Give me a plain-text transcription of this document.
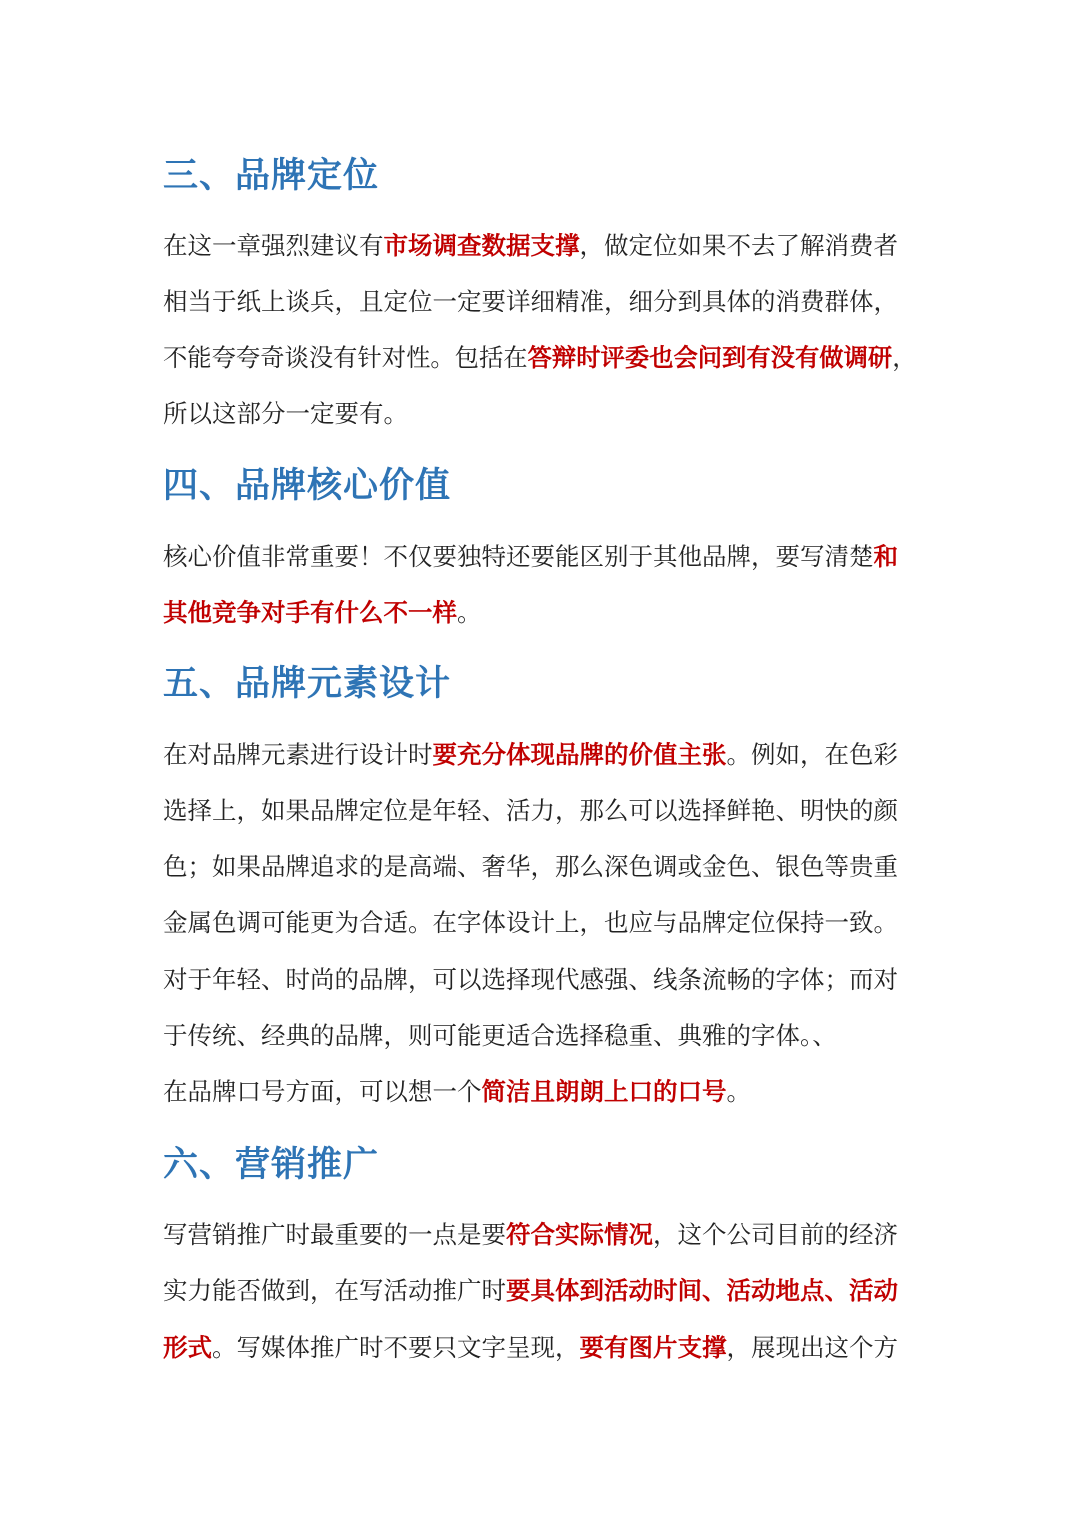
三、品牌定位

在这一章强烈建议有市场调查数据支撑，做定位如果不去了解消费者

相当于纸上谈兵，且定位一定要详细精准，细分到具体的消费群体，

不能夸夸奇谈没有针对性。包括在答辩时评委也会问到有没有做调研，

所以这部分一定要有。

四、品牌核心价值

核心价值非常重要！不仅要独特还要能区别于其他品牌，要写清楚和

其他竞争对手有什么不一样。

五、品牌元素设计

在对品牌元素进行设计时要充分体现品牌的价值主张。例如，在色彩

选择上，如果品牌定位是年轻、活力，那么可以选择鲜艳、明快的颜

色；如果品牌追求的是高端、奢华，那么深色调或金色、银色等贵重

金属色调可能更为合适。在字体设计上，也应与品牌定位保持一致。

对于年轻、时尚的品牌，可以选择现代感强、线条流畅的字体；而对

于传统、经典的品牌，则可能更适合选择稳重、典雅的字体。、

在品牌口号方面，可以想一个简洁且朗朗上口的口号。

六、营销推广

写营销推广时最重要的一点是要符合实际情况，这个公司目前的经济

实力能否做到，在写活动推广时要具体到活动时间、活动地点、活动

形式。写媒体推广时不要只文字呈现，要有图片支撑，展现出这个方
